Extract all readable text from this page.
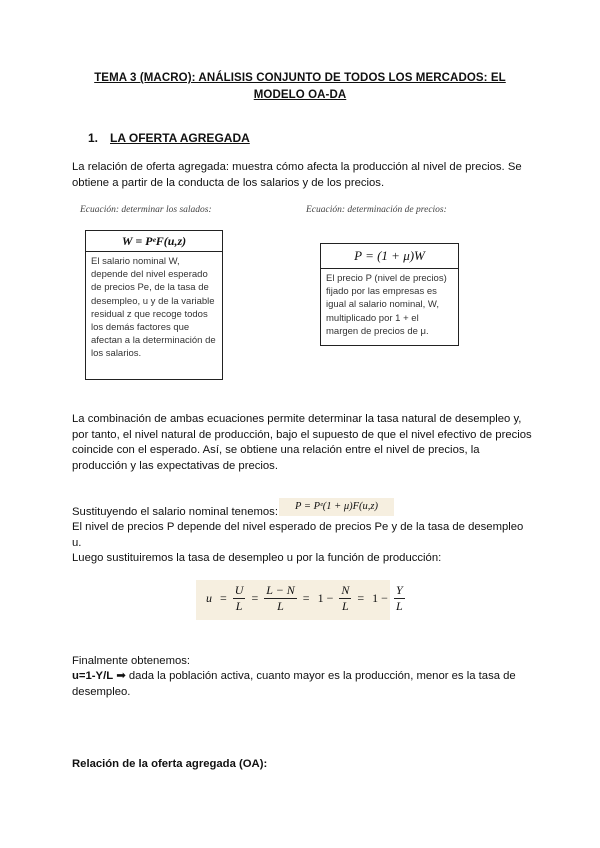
TEMA 3 (MACRO): ANÁLISIS CONJUNTO DE TODOS LOS MERCADOS: EL MODELO OA-DA
1. LA OFERTA AGREGADA
La relación de oferta agregada: muestra cómo afecta la producción al nivel de precios. Se obtiene a partir de la conducta de los salarios y de los precios.
Ecuación: determinar los salados:
W = PᵉF(u,z)
El salario nominal W, depende del nivel esperado de precios Pe, de la tasa de desempleo, u y de la variable residual z que recoge todos los demás factores que afectan a la determinación de los salarios.
Ecuación: determinación de precios:
P = (1 + μ)W
El precio P (nivel de precios) fijado por las empresas es igual al salario nominal, W, multiplicado por 1 + el margen de precios de μ.
La combinación de ambas ecuaciones permite determinar la tasa natural de desempleo y, por tanto, el nivel natural de producción, bajo el supuesto de que el nivel efectivo de precios coincide con el esperado. Así, se obtiene una relación entre el nivel de precios, la producción y las expectativas de precios.
Sustituyendo el salario nominal tenemos:	P = Pᵉ(1 + μ)F(u,z)
El nivel de precios P depende del nivel esperado de precios Pe y de la tasa de desempleo u.
Luego sustituiremos la tasa de desempleo u por la función de producción:
$u = \frac{U}{L} = \frac{L - N}{L} = 1 - \frac{N}{L} = 1 - \frac{Y}{L}$
Finalmente obtenemos:
u=1-Y/L ➡ dada la población activa, cuanto mayor es la producción, menor es la tasa de desempleo.
Relación de la oferta agregada (OA):
